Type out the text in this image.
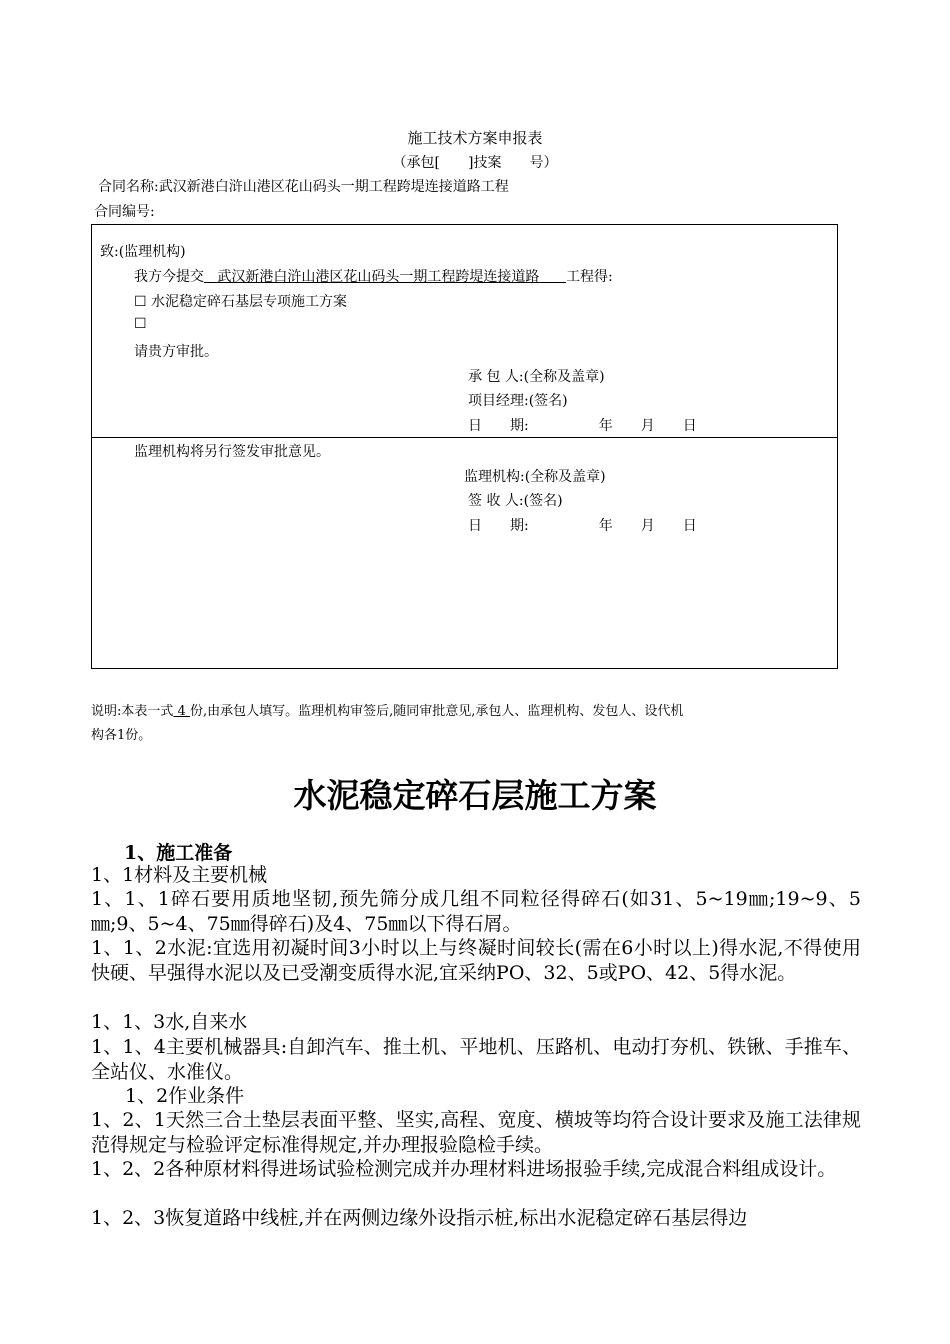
施工技术方案申报表
（承包[　　]技案　　号）
合同名称:武汉新港白浒山港区花山码头一期工程跨堤连接道路工程
合同编号:
致:(监理机构)
我方今提交 武汉新港白浒山港区花山码头一期工程跨堤连接道路 工程得:
☐ 水泥稳定碎石基层专项施工方案
☐
请贵方审批。
承 包 人:(全称及盖章)
项目经理:(签名)
日　　期:　　　　　年　　月　　日
监理机构将另行签发审批意见。
监理机构:(全称及盖章)
签 收 人:(签名)
日　　期:　　　　　年　　月　　日
说明:本表一式 4 份,由承包人填写。监理机构审签后,随同审批意见,承包人、监理机构、发包人、设代机
构各1份。
水泥稳定碎石层施工方案
1、施工准备
1、1材料及主要机械
1、1、1碎石要用质地坚韧,预先筛分成几组不同粒径得碎石(如31、5~19㎜;19~9、5㎜;9、5~4、75㎜得碎石)及4、75㎜以下得石屑。
1、1、2水泥:宜选用初凝时间3小时以上与终凝时间较长(需在6小时以上)得水泥,不得使用快硬、早强得水泥以及已受潮变质得水泥,宜采纳PO、32、5或PO、42、5得水泥。
1、1、3水,自来水
1、1、4主要机械器具:自卸汽车、推土机、平地机、压路机、电动打夯机、铁锹、手推车、全站仪、水准仪。
1、2作业条件
1、2、1天然三合土垫层表面平整、坚实,高程、宽度、横坡等均符合设计要求及施工法律规范得规定与检验评定标准得规定,并办理报验隐检手续。
1、2、2各种原材料得进场试验检测完成并办理材料进场报验手续,完成混合料组成设计。
1、2、3恢复道路中线桩,并在两侧边缘外设指示桩,标出水泥稳定碎石基层得边
